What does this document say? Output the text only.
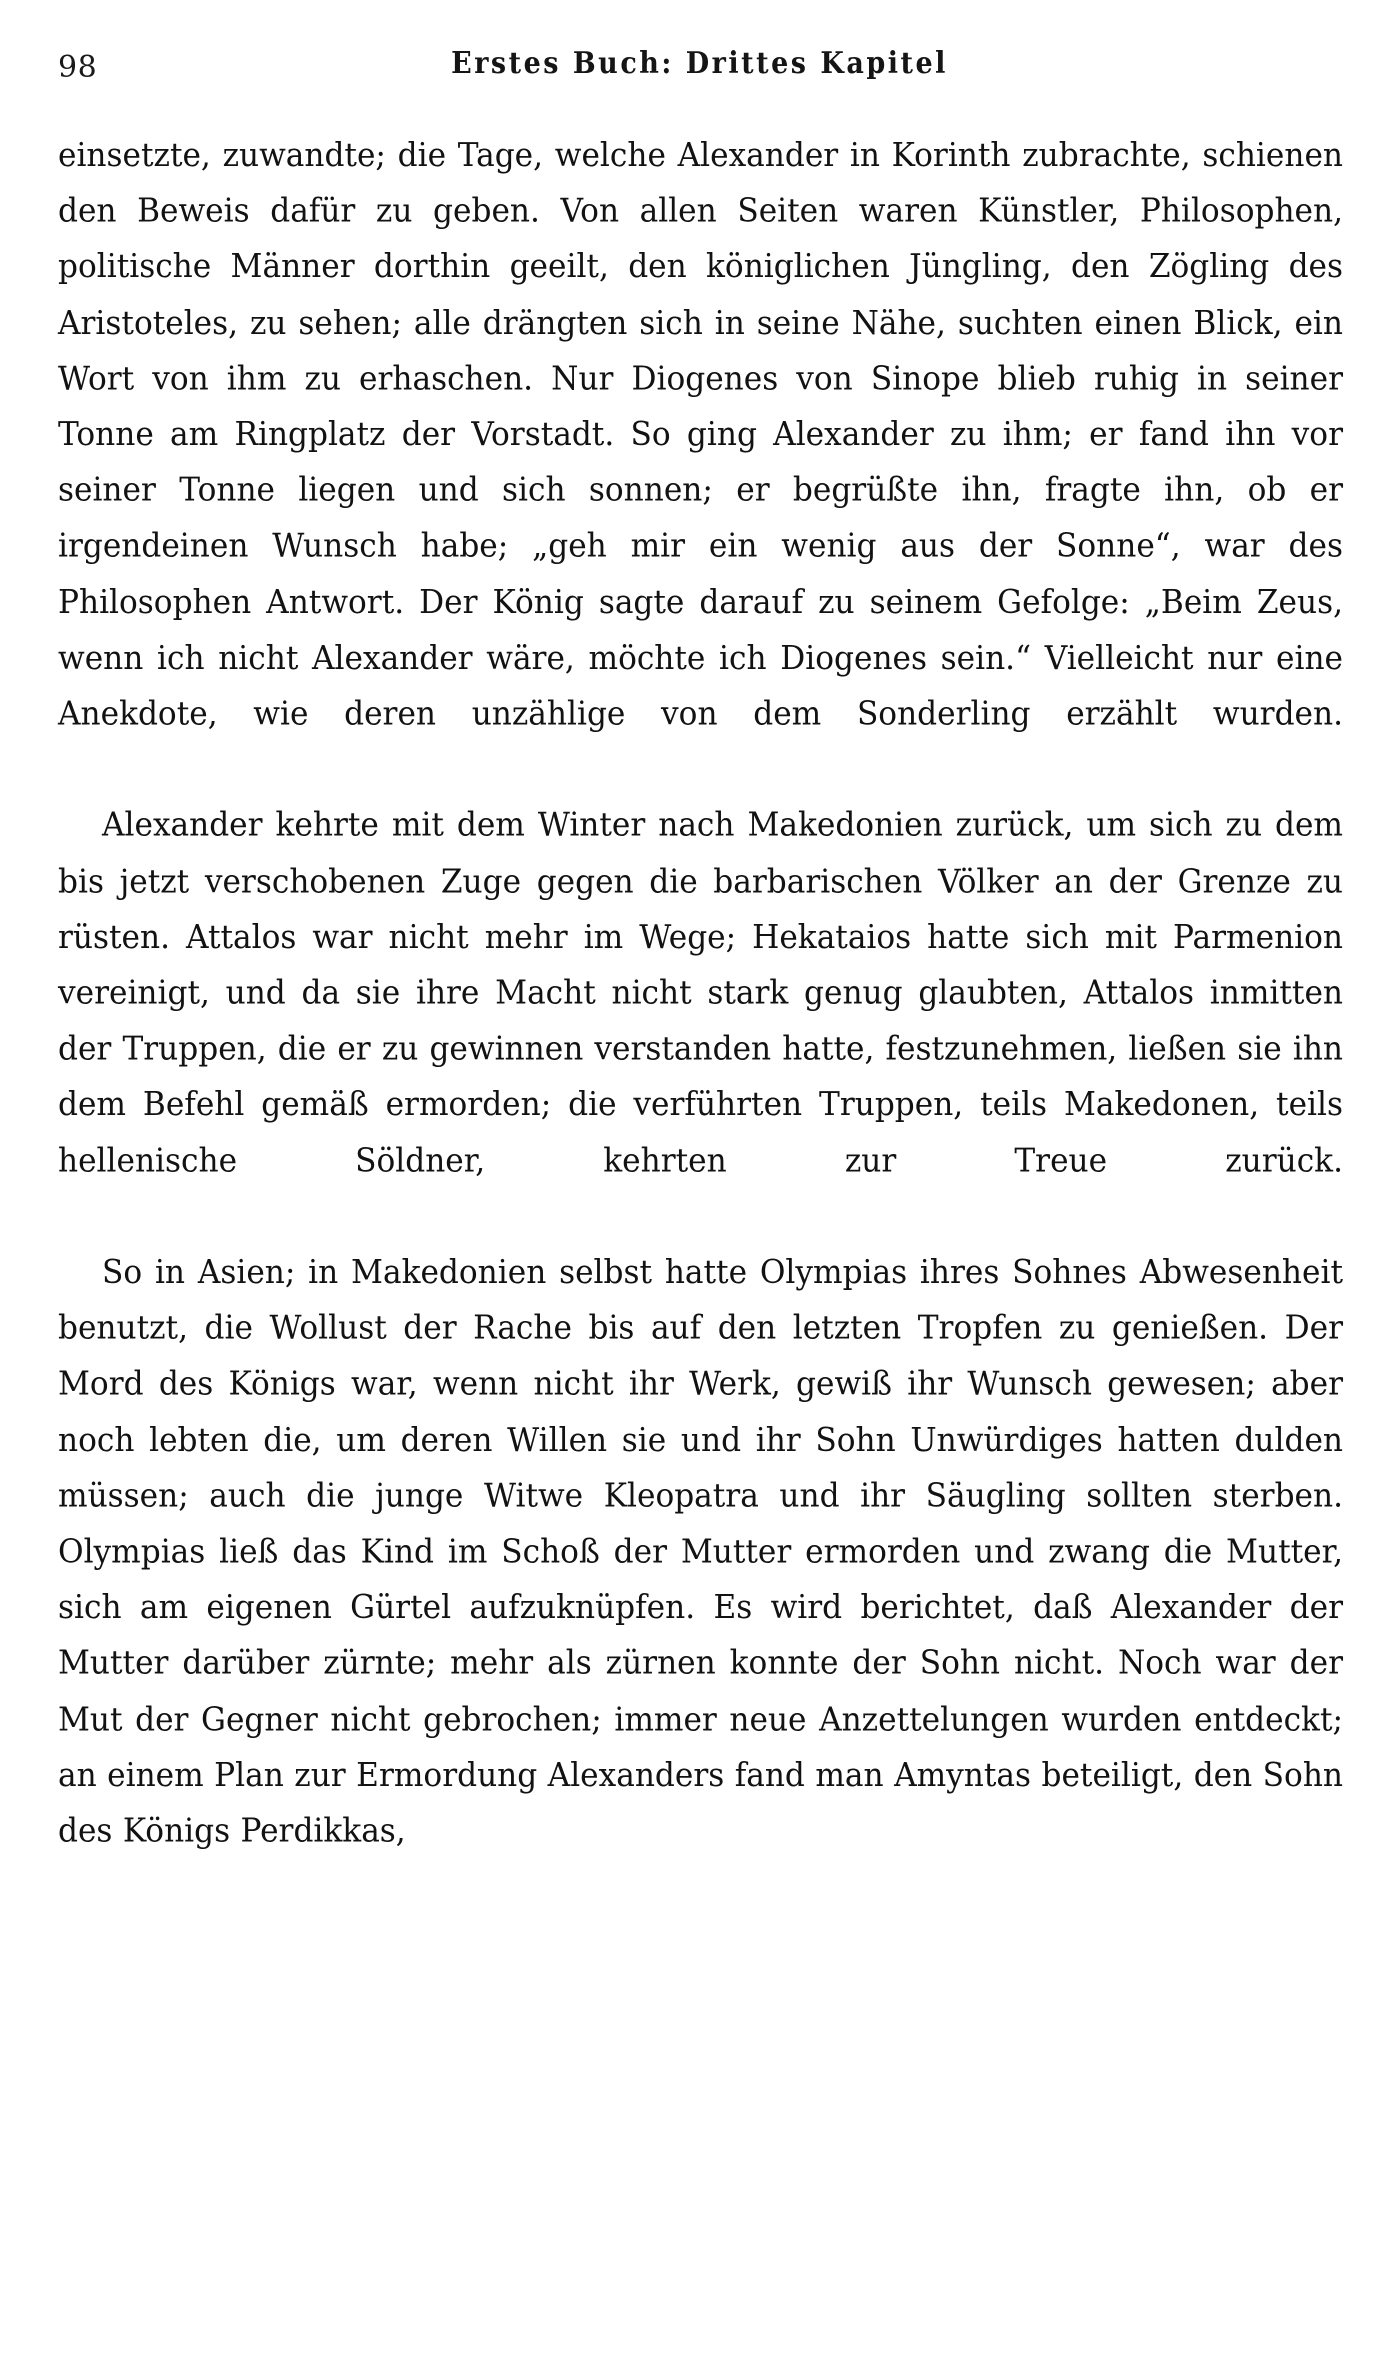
98	Erstes Buch: Drittes Kapitel

einsetzte, zuwandte; die Tage, welche Alexander in Korinth zubrachte, schienen den Beweis dafür zu geben. Von allen Seiten waren Künstler, Philosophen, politische Männer dorthin geeilt, den königlichen Jüngling, den Zögling des Aristoteles, zu sehen; alle drängten sich in seine Nähe, suchten einen Blick, ein Wort von ihm zu erhaschen. Nur Diogenes von Sinope blieb ruhig in seiner Tonne am Ringplatz der Vorstadt. So ging Alexander zu ihm; er fand ihn vor seiner Tonne liegen und sich sonnen; er begrüßte ihn, fragte ihn, ob er irgendeinen Wunsch habe; „geh mir ein wenig aus der Sonne“, war des Philosophen Antwort. Der König sagte darauf zu seinem Gefolge: „Beim Zeus, wenn ich nicht Alexander wäre, möchte ich Diogenes sein.“ Vielleicht nur eine Anekdote, wie deren unzählige von dem Sonderling erzählt wurden.

Alexander kehrte mit dem Winter nach Makedonien zurück, um sich zu dem bis jetzt verschobenen Zuge gegen die barbarischen Völker an der Grenze zu rüsten. Attalos war nicht mehr im Wege; Hekataios hatte sich mit Parmenion vereinigt, und da sie ihre Macht nicht stark genug glaubten, Attalos inmitten der Truppen, die er zu gewinnen verstanden hatte, festzunehmen, ließen sie ihn dem Befehl gemäß ermorden; die verführten Truppen, teils Makedonen, teils hellenische Söldner, kehrten zur Treue zurück.

So in Asien; in Makedonien selbst hatte Olympias ihres Sohnes Abwesenheit benutzt, die Wollust der Rache bis auf den letzten Tropfen zu genießen. Der Mord des Königs war, wenn nicht ihr Werk, gewiß ihr Wunsch gewesen; aber noch lebten die, um deren Willen sie und ihr Sohn Unwürdiges hatten dulden müssen; auch die junge Witwe Kleopatra und ihr Säugling sollten sterben. Olympias ließ das Kind im Schoß der Mutter ermorden und zwang die Mutter, sich am eigenen Gürtel aufzuknüpfen. Es wird berichtet, daß Alexander der Mutter darüber zürnte; mehr als zürnen konnte der Sohn nicht. Noch war der Mut der Gegner nicht gebrochen; immer neue Anzettelungen wurden entdeckt; an einem Plan zur Ermordung Alexanders fand man Amyntas beteiligt, den Sohn des Königs Perdikkas,
